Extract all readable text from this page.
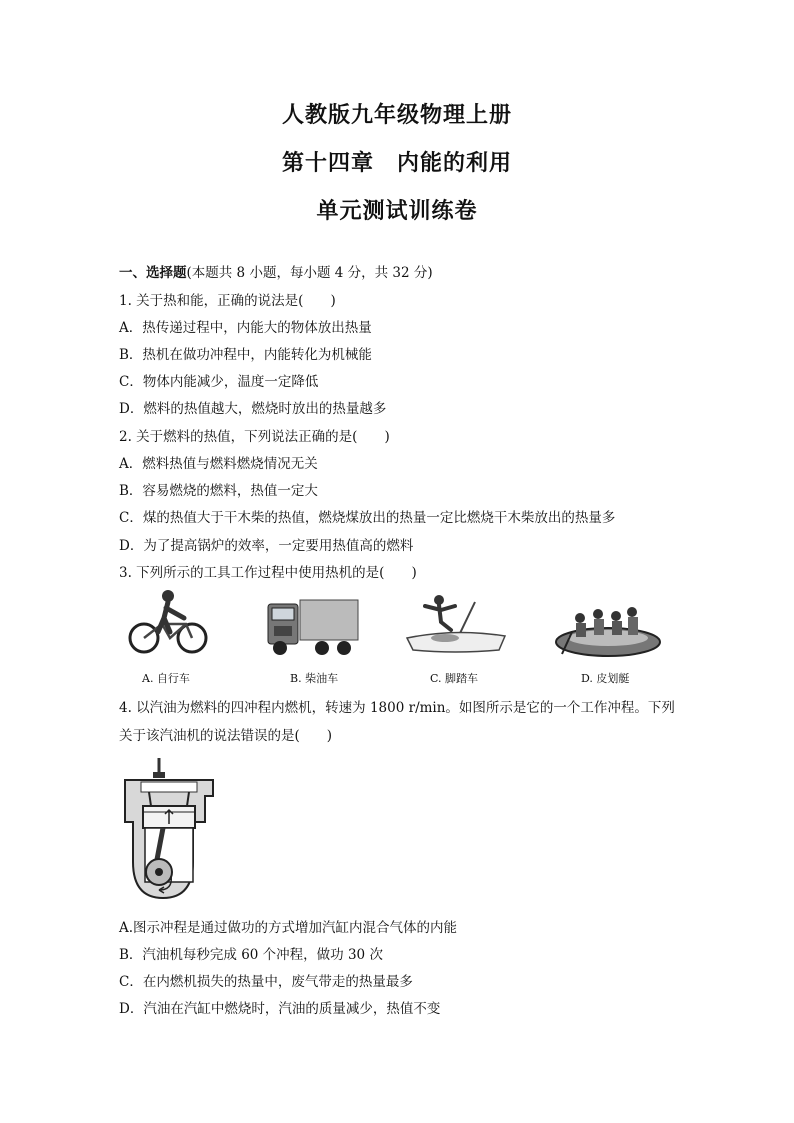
人教版九年级物理上册
第十四章　内能的利用
单元测试训练卷
一、选择题(本题共 8 小题，每小题 4 分，共 32 分)
1. 关于热和能，正确的说法是(　　)
A．热传递过程中，内能大的物体放出热量
B．热机在做功冲程中，内能转化为机械能
C．物体内能减少，温度一定降低
D．燃料的热值越大，燃烧时放出的热量越多
2. 关于燃料的热值，下列说法正确的是(　　)
A．燃料热值与燃料燃烧情况无关
B．容易燃烧的燃料，热值一定大
C．煤的热值大于干木柴的热值，燃烧煤放出的热量一定比燃烧干木柴放出的热量多
D．为了提高锅炉的效率，一定要用热值高的燃料
3. 下列所示的工具工作过程中使用热机的是(　　)
A. 自行车	B. 柴油车	C. 脚踏车	D. 皮划艇
4. 以汽油为燃料的四冲程内燃机，转速为 1800 r/min。如图所示是它的一个工作冲程。下列
关于该汽油机的说法错误的是(　　)
A.图示冲程是通过做功的方式增加汽缸内混合气体的内能
B．汽油机每秒完成 60 个冲程，做功 30 次
C．在内燃机损失的热量中，废气带走的热量最多
D．汽油在汽缸中燃烧时，汽油的质量减少，热值不变
